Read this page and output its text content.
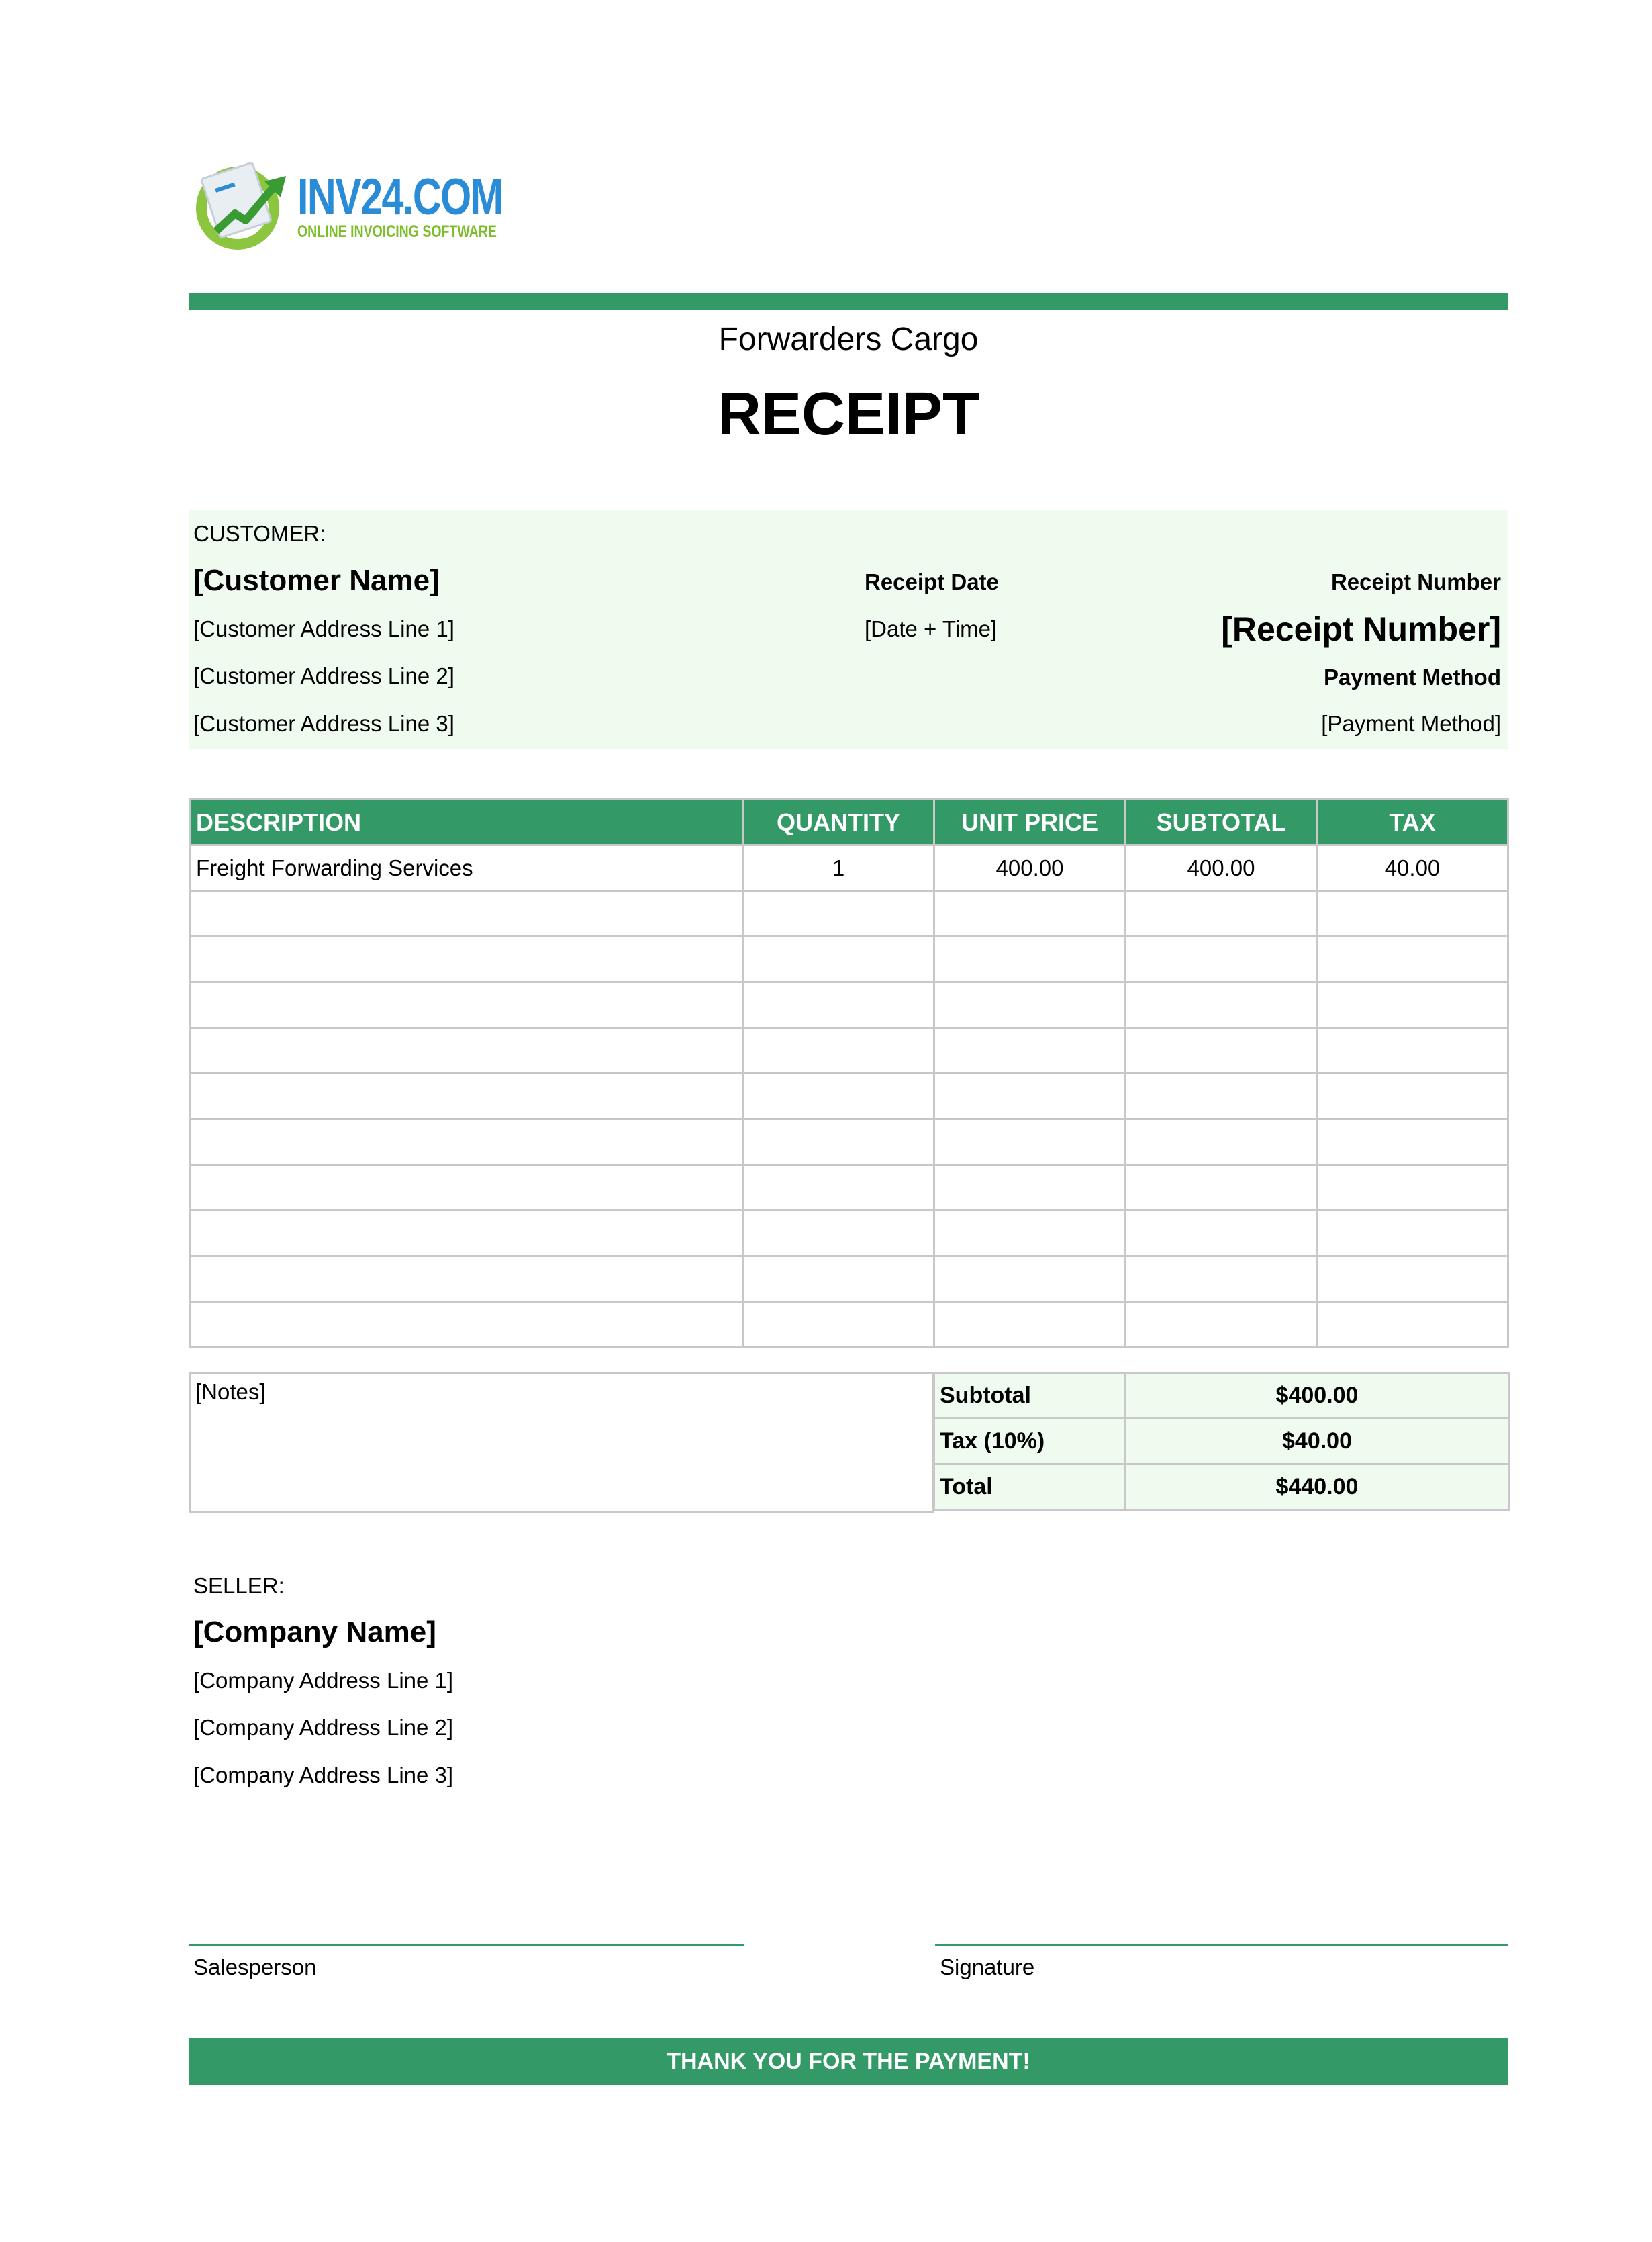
INV24.COM
ONLINE INVOICING SOFTWARE
Forwarders Cargo
RECEIPT
CUSTOMER:
[Customer Name]
[Customer Address Line 1]
[Customer Address Line 2]
[Customer Address Line 3]
Receipt Date
[Date + Time]
Receipt Number
[Receipt Number]
Payment Method
[Payment Method]
DESCRIPTION	QUANTITY	UNIT PRICE	SUBTOTAL	TAX
Freight Forwarding Services	1	400.00	400.00	40.00

[Notes]	Subtotal	$400.00
Tax (10%)	$40.00
Total	$440.00
SELLER:
[Company Name]
[Company Address Line 1]
[Company Address Line 2]
[Company Address Line 3]
Salesperson	Signature
THANK YOU FOR THE PAYMENT!
